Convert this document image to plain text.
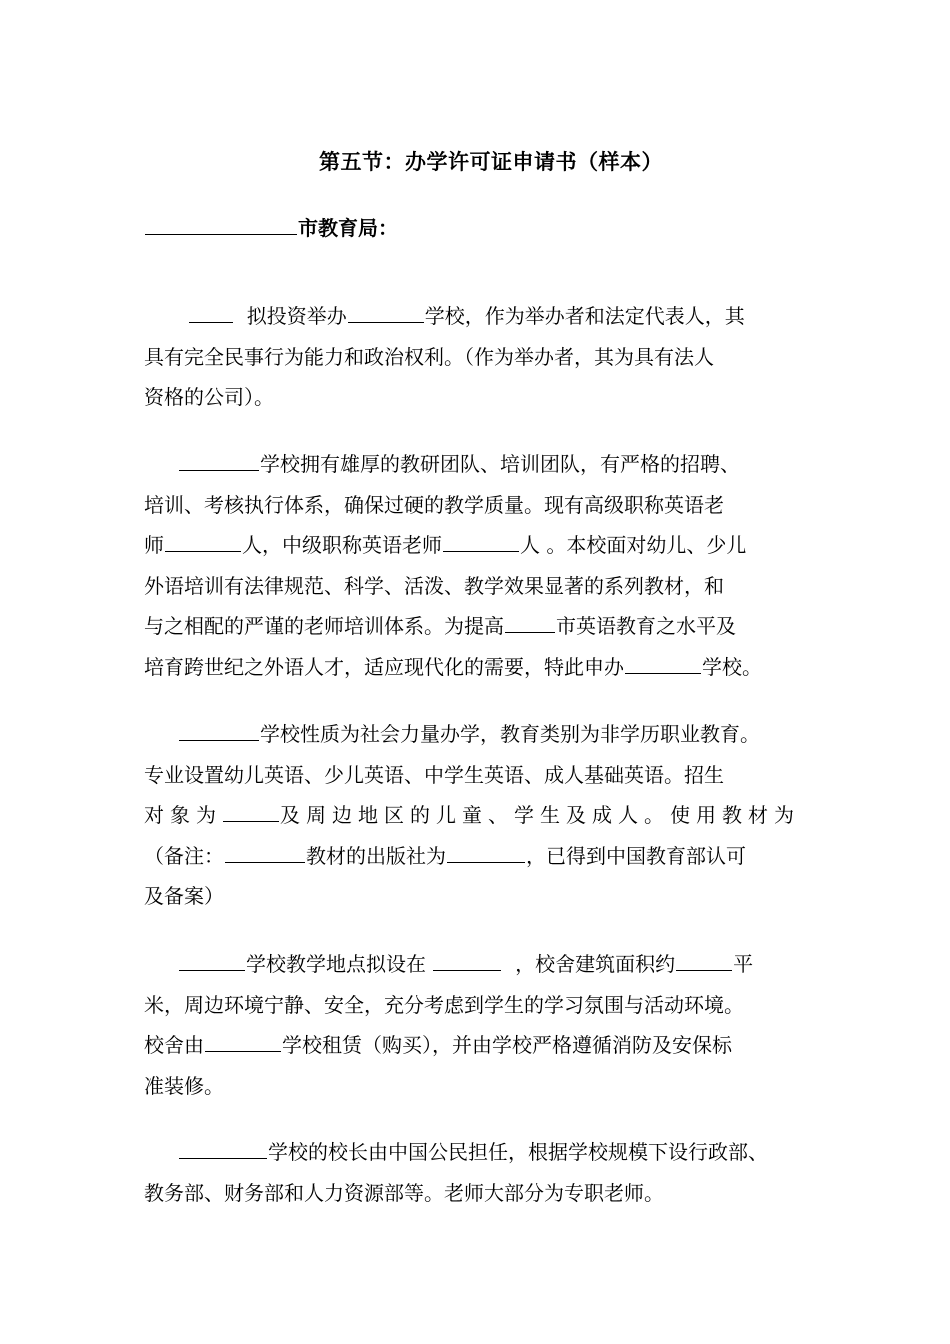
第五节：办学许可证申请书（样本）
市教育局：
拟投资举办	学校，作为举办者和法定代表人，其
具有完全民事行为能力和政治权利。（作为举办者，其为具有法人
资格的公司）。
学校拥有雄厚的教研团队、培训团队，有严格的招聘、
培训、考核执行体系，确保过硬的教学质量。现有高级职称英语老
师	人，中级职称英语老师	人 。本校面对幼儿、少儿
外语培训有法律规范、科学、活泼、教学效果显著的系列教材，和
与之相配的严谨的老师培训体系。为提高	市英语教育之水平及
培育跨世纪之外语人才，适应现代化的需要，特此申办	学校。
学校性质为社会力量办学，教育类别为非学历职业教育。
专业设置幼儿英语、少儿英语、中学生英语、成人基础英语。招生
对象为	及周边地区的儿童、学生及成人。使用教材为
（备注：	教材的出版社为	，已得到中国教育部认可
及备案）
学校教学地点拟设在	，校舍建筑面积约	平
米，周边环境宁静、安全，充分考虑到学生的学习氛围与活动环境。
校舍由	学校租赁（购买），并由学校严格遵循消防及安保标
准装修。
学校的校长由中国公民担任，根据学校规模下设行政部、
教务部、财务部和人力资源部等。老师大部分为专职老师。
